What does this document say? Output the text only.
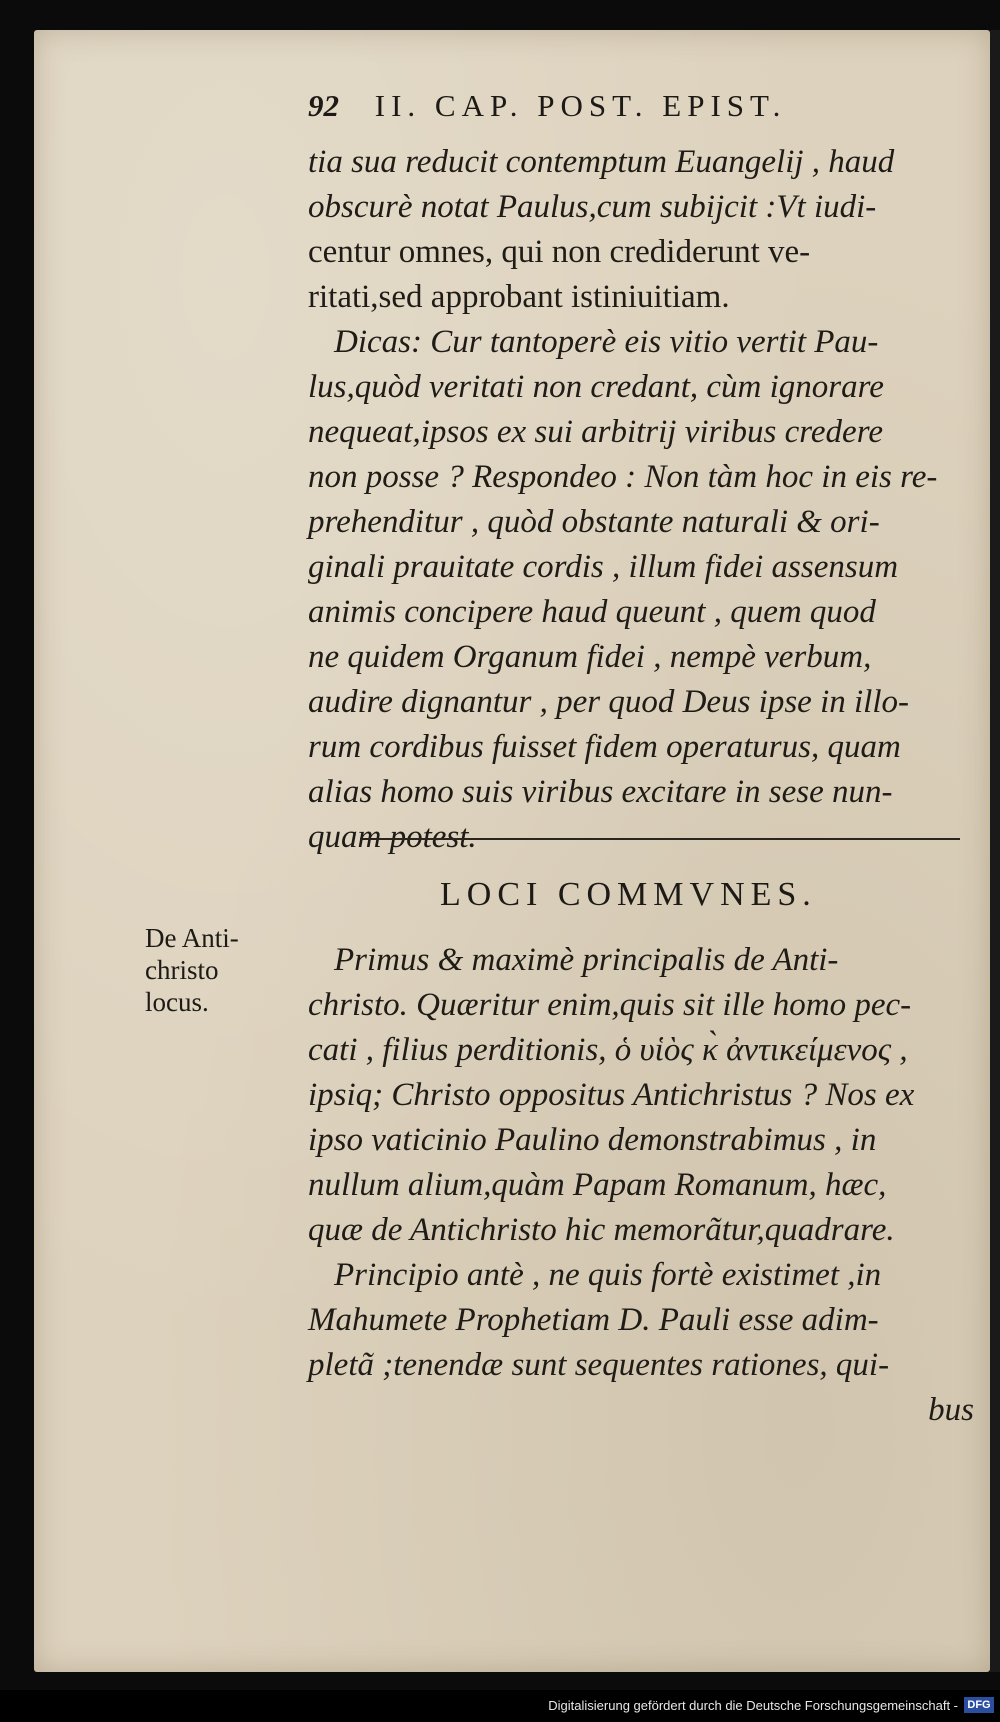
92 II. CAP. POST. EPIST.
tia sua reducit contemptum Euangelij , haud
obscurè notat Paulus,cum subijcit :Vt iudi-
centur omnes, qui non crediderunt ve-
ritati,sed approbant istiniuitiam.
Dicas: Cur tantoperè eis vitio vertit Pau-
lus,quòd veritati non credant, cùm ignorare
nequeat,ipsos ex sui arbitrij viribus credere
non posse ? Respondeo : Non tàm hoc in eis re-
prehenditur , quòd obstante naturali & ori-
ginali prauitate cordis , illum fidei assensum
animis concipere haud queunt , quem quod
ne quidem Organum fidei , nempè verbum,
audire dignantur , per quod Deus ipse in illo-
rum cordibus fuisset fidem operaturus, quam
alias homo suis viribus excitare in sese nun-
quam potest.
LOCI COMMVNES.
De Anti-
christo
locus.
Primus & maximè principalis de Anti-
christo. Quæritur enim,quis sit ille homo pec-
cati , filius perditionis, ὁ υἱὸς κ̀ ἀντικείμενος ,
ipsiq; Christo oppositus Antichristus ? Nos ex
ipso vaticinio Paulino demonstrabimus , in
nullum alium,quàm Papam Romanum, hæc,
quæ de Antichristo hic memorãtur,quadrare.
Principio antè , ne quis fortè existimet ,in
Mahumete Prophetiam D. Pauli esse adim-
pletã ;tenendæ sunt sequentes rationes, qui-
bus
Digitalisierung gefördert durch die Deutsche Forschungsgemeinschaft - DFG
